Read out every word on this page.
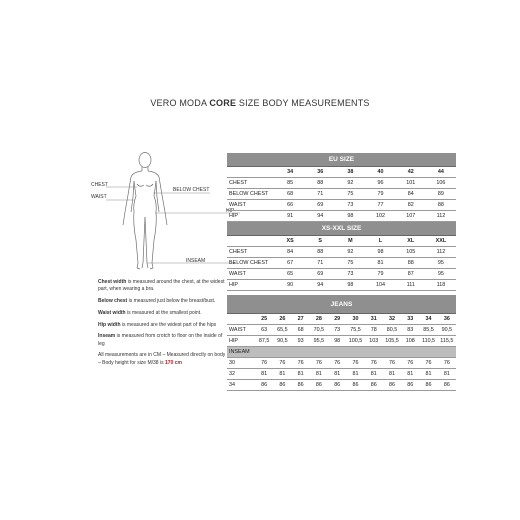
VERO MODA CORE SIZE BODY MEASUREMENTS
CHEST
WAIST
BELOW CHEST
HIP
INSEAM

Chest width is measured around the chest, at the widest part, when wearing a bra.

Below chest is measured just below the breast/bust.

Waist width is measured at the smallest point.

Hip width is measured are the widest part of the hips

Inseam is measured from crotch to floor on the inside of leg

All measurements are in CM – Measured directly on body – Body height for size M/38 is 170 cm

EU SIZE						
	34	36	38	40	42	44
CHEST	85	88	92	96	101	106
BELOW CHEST	68	71	75	79	84	89
WAIST	66	69	73	77	82	88
HIP	91	94	98	102	107	112
XS-XXL SIZE						
	XS	S	M	L	XL	XXL
CHEST	84	88	92	98	105	112
BELOW CHEST	67	71	75	81	88	95
WAIST	65	69	73	79	87	95
HIP	90	94	98	104	111	118
JEANS											
	25	26	27	28	29	30	31	32	33	34	36
WAIST	63	65,5	68	70,5	73	75,5	78	80,5	83	85,5	90,5
HIP	87,5	90,5	93	95,5	98	100,5	103	105,5	108	110,5	115,5
INSEAM											
30	76	76	76	76	76	76	76	76	76	76	76
32	81	81	81	81	81	81	81	81	81	81	81
34	86	86	86	86	86	86	86	86	86	86	86
